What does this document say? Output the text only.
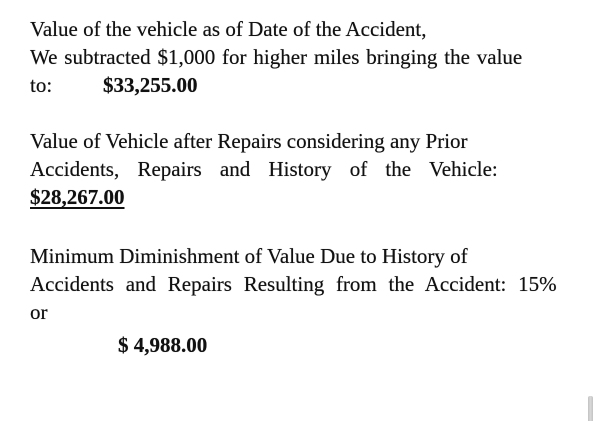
Value of the vehicle as of Date of the Accident,
We subtracted $1,000 for higher miles bringing the value
to: $33,255.00
Value of Vehicle after Repairs considering any Prior
Accidents, Repairs and History of the Vehicle:
$28,267.00
Minimum Diminishment of Value Due to History of
Accidents and Repairs Resulting from the Accident: 15%
or
$ 4,988.00
